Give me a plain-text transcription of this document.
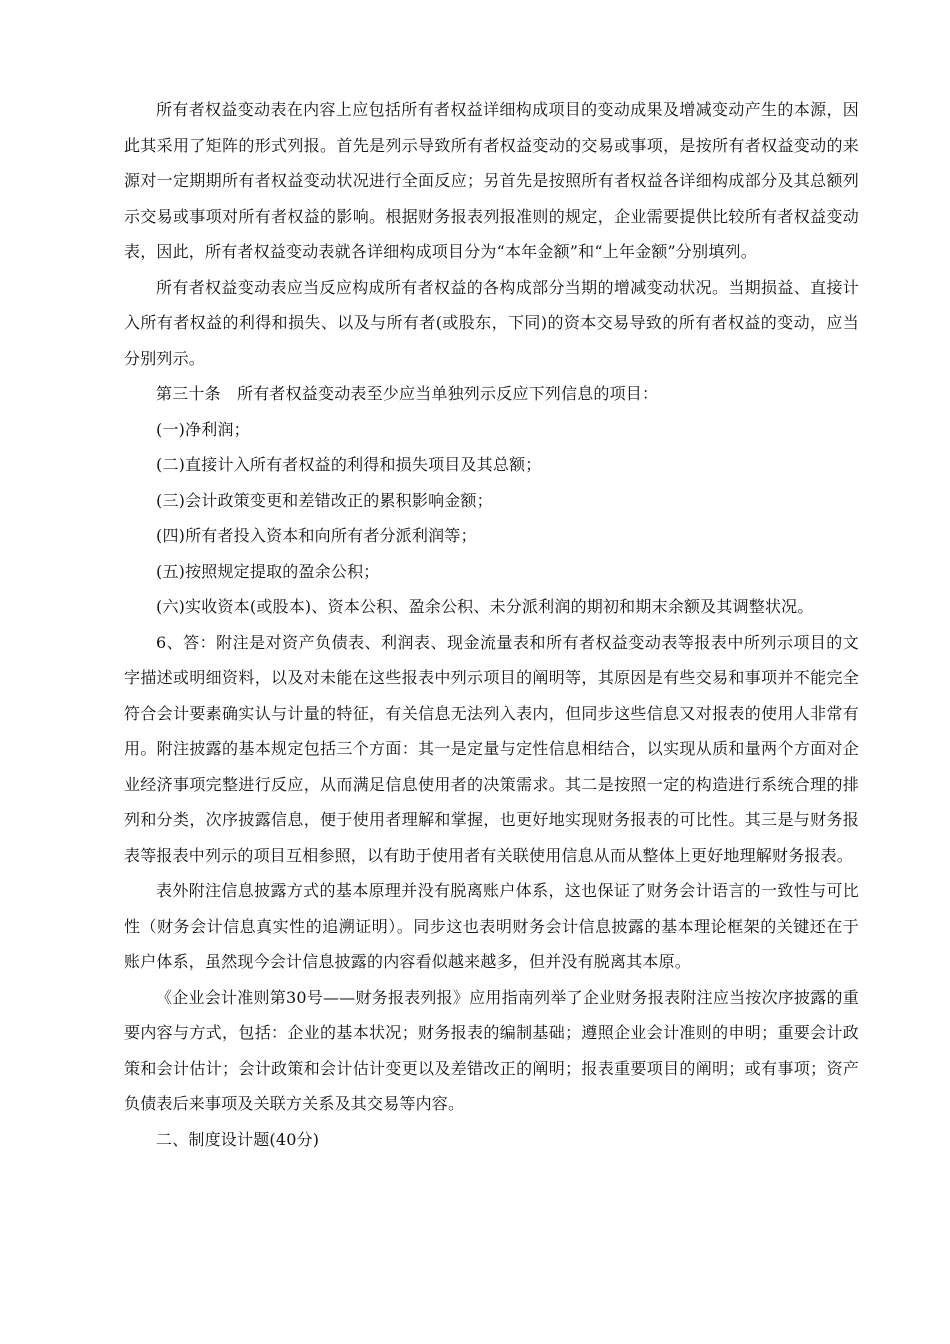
所有者权益变动表在内容上应包括所有者权益详细构成项目的变动成果及增减变动产生的本源，因此其采用了矩阵的形式列报。首先是列示导致所有者权益变动的交易或事项，是按所有者权益变动的来源对一定期期所有者权益变动状况进行全面反应；另首先是按照所有者权益各详细构成部分及其总额列示交易或事项对所有者权益的影响。根据财务报表列报准则的规定，企业需要提供比较所有者权益变动表，因此，所有者权益变动表就各详细构成项目分为“本年金额”和“上年金额”分别填列。

所有者权益变动表应当反应构成所有者权益的各构成部分当期的增减变动状况。当期损益、直接计入所有者权益的利得和损失、以及与所有者(或股东，下同)的资本交易导致的所有者权益的变动，应当分别列示。

第三十条　所有者权益变动表至少应当单独列示反应下列信息的项目：

(一)净利润；

(二)直接计入所有者权益的利得和损失项目及其总额；

(三)会计政策变更和差错改正的累积影响金额；

(四)所有者投入资本和向所有者分派利润等；

(五)按照规定提取的盈余公积；

(六)实收资本(或股本)、资本公积、盈余公积、未分派利润的期初和期末余额及其调整状况。

6、答：附注是对资产负债表、利润表、现金流量表和所有者权益变动表等报表中所列示项目的文字描述或明细资料，以及对未能在这些报表中列示项目的阐明等，其原因是有些交易和事项并不能完全符合会计要素确实认与计量的特征，有关信息无法列入表内，但同步这些信息又对报表的使用人非常有用。附注披露的基本规定包括三个方面：其一是定量与定性信息相结合，以实现从质和量两个方面对企业经济事项完整进行反应，从而满足信息使用者的决策需求。其二是按照一定的构造进行系统合理的排列和分类，次序披露信息，便于使用者理解和掌握，也更好地实现财务报表的可比性。其三是与财务报表等报表中列示的项目互相参照，以有助于使用者有关联使用信息从而从整体上更好地理解财务报表。

表外附注信息披露方式的基本原理并没有脱离账户体系，这也保证了财务会计语言的一致性与可比性（财务会计信息真实性的追溯证明）。同步这也表明财务会计信息披露的基本理论框架的关键还在于账户体系，虽然现今会计信息披露的内容看似越来越多，但并没有脱离其本原。

《企业会计准则第30号——财务报表列报》应用指南列举了企业财务报表附注应当按次序披露的重要内容与方式，包括：企业的基本状况；财务报表的编制基础；遵照企业会计准则的申明；重要会计政策和会计估计；会计政策和会计估计变更以及差错改正的阐明；报表重要项目的阐明；或有事项；资产负债表后来事项及关联方关系及其交易等内容。

二、制度设计题(40分)
